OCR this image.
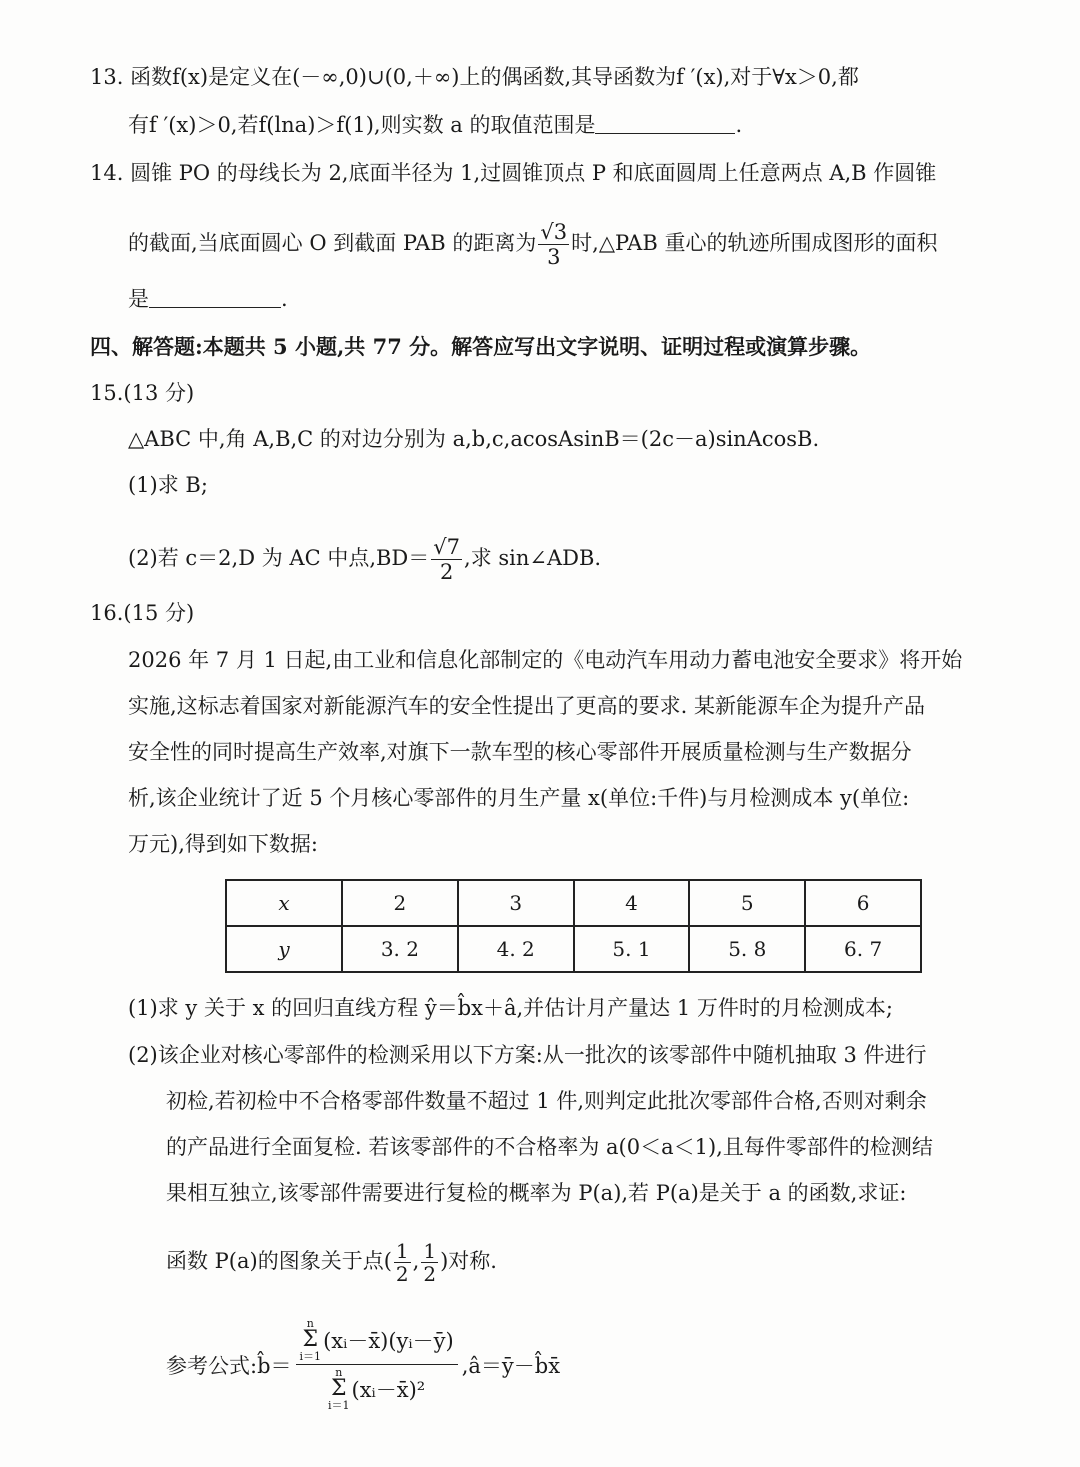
13. 函数f(x)是定义在(－∞,0)∪(0,＋∞)上的偶函数,其导函数为f ′(x),对于∀x＞0,都
有f ′(x)＞0,若f(lna)＞f(1),则实数 a 的取值范围是	.
14. 圆锥 PO 的母线长为 2,底面半径为 1,过圆锥顶点 P 和底面圆周上任意两点 A,B 作圆锥
的截面,当底面圆心 O 到截面 PAB 的距离为 $\frac{√3}{3}$ 时,△PAB 重心的轨迹所围成图形的面积
是	.
四、解答题:本题共 5 小题,共 77 分。解答应写出文字说明、证明过程或演算步骤。
15.(13 分)
△ABC 中,角 A,B,C 的对边分别为 a,b,c,acosAsinB＝(2c－a)sinAcosB.
(1)求 B;
(2)若 c＝2,D 为 AC 中点$,BD= \frac{√7}{2}$ ,求 sin∠ADB.
16.(15 分)
2026 年 7 月 1 日起,由工业和信息化部制定的《电动汽车用动力蓄电池安全要求》将开始
实施,这标志着国家对新能源汽车的安全性提出了更高的要求. 某新能源车企为提升产品
安全性的同时提高生产效率,对旗下一款车型的核心零部件开展质量检测与生产数据分
析,该企业统计了近 5 个月核心零部件的月生产量 x(单位:千件)与月检测成本 y(单位:
万元),得到如下数据:
x	2	3	4	5	6
y	3. 2	4. 2	5. 1	5. 8	6. 7
(1)求 y 关于 x 的回归直线方程 ŷ＝b̂x＋â,并估计月产量达 1 万件时的月检测成本;
(2)该企业对核心零部件的检测采用以下方案:从一批次的该零部件中随机抽取 3 件进行
初检,若初检中不合格零部件数量不超过 1 件,则判定此批次零部件合格,否则对剩余
的产品进行全面复检. 若该零部件的不合格率为 a(0＜a＜1),且每件零部件的检测结
果相互独立,该零部件需要进行复检的概率为 P(a),若 P(a)是关于 a 的函数,求证:
函数 P(a)的图象关于点( $\frac{1}{2}$ , $\frac{1}{2}$ )对称.
参考公式:b̂＝
n
Σ
i＝1
(xᵢ－x̄)(yᵢ－ȳ)
n
Σ
i＝1
(xᵢ－x̄)²
,â＝ȳ－b̂x̄
